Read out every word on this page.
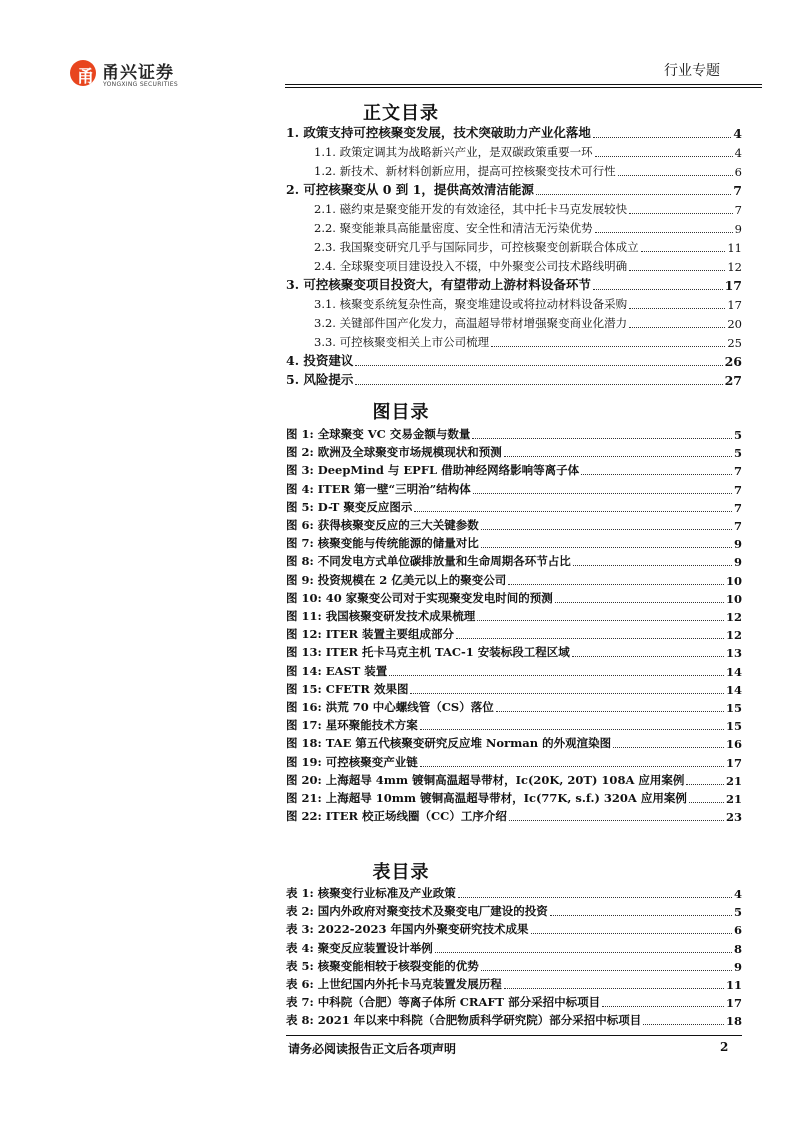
甬 甬兴证券
YONGXING SECURITIES
行业专题
正文目录
1. 政策支持可控核聚变发展，技术突破助力产业化落地	4
1.1. 政策定调其为战略新兴产业，是双碳政策重要一环	4
1.2. 新技术、新材料创新应用，提高可控核聚变技术可行性	6
2. 可控核聚变从 0 到 1，提供高效清洁能源	7
2.1. 磁约束是聚变能开发的有效途径，其中托卡马克发展较快	7
2.2. 聚变能兼具高能量密度、安全性和清洁无污染优势	9
2.3. 我国聚变研究几乎与国际同步，可控核聚变创新联合体成立	11
2.4. 全球聚变项目建设投入不辍，中外聚变公司技术路线明确	12
3. 可控核聚变项目投资大，有望带动上游材料设备环节	17
3.1. 核聚变系统复杂性高，聚变堆建设或将拉动材料设备采购	17
3.2. 关键部件国产化发力，高温超导带材增强聚变商业化潜力	20
3.3. 可控核聚变相关上市公司梳理	25
4. 投资建议	26
5. 风险提示	27
图目录
图 1: 全球聚变 VC 交易金额与数量	5
图 2: 欧洲及全球聚变市场规模现状和预测	5
图 3: DeepMind 与 EPFL 借助神经网络影响等离子体	7
图 4: ITER 第一壁“三明治”结构体	7
图 5: D-T 聚变反应图示	7
图 6: 获得核聚变反应的三大关键参数	7
图 7: 核聚变能与传统能源的储量对比	9
图 8: 不同发电方式单位碳排放量和生命周期各环节占比	9
图 9: 投资规模在 2 亿美元以上的聚变公司	10
图 10: 40 家聚变公司对于实现聚变发电时间的预测	10
图 11: 我国核聚变研发技术成果梳理	12
图 12: ITER 装置主要组成部分	12
图 13: ITER 托卡马克主机 TAC-1 安装标段工程区域	13
图 14: EAST 装置	14
图 15: CFETR 效果图	14
图 16: 洪荒 70 中心螺线管（CS）落位	15
图 17: 星环聚能技术方案	15
图 18: TAE 第五代核聚变研究反应堆 Norman 的外观渲染图	16
图 19: 可控核聚变产业链	17
图 20: 上海超导 4mm 镀铜高温超导带材，Ic(20K, 20T) 108A 应用案例	21
图 21: 上海超导 10mm 镀铜高温超导带材，Ic(77K, s.f.) 320A 应用案例	21
图 22: ITER 校正场线圈（CC）工序介绍	23
表目录
表 1: 核聚变行业标准及产业政策	4
表 2: 国内外政府对聚变技术及聚变电厂建设的投资	5
表 3: 2022-2023 年国内外聚变研究技术成果	6
表 4: 聚变反应装置设计举例	8
表 5: 核聚变能相较于核裂变能的优势	9
表 6: 上世纪国内外托卡马克装置发展历程	11
表 7: 中科院（合肥）等离子体所 CRAFT 部分采招中标项目	17
表 8: 2021 年以来中科院（合肥物质科学研究院）部分采招中标项目	18
请务必阅读报告正文后各项声明	2
